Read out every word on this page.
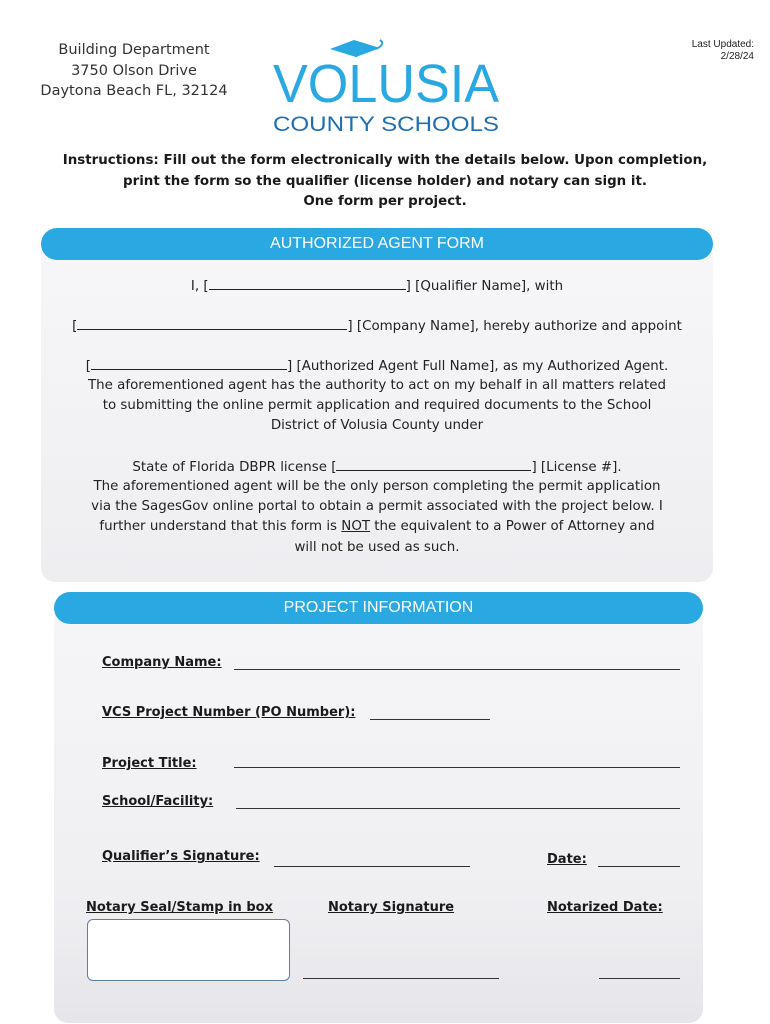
Building Department
3750 Olson Drive
Daytona Beach FL, 32124
Last Updated:
2/28/24
VOLUSIA
COUNTY SCHOOLS
Instructions: Fill out the form electronically with the details below. Upon completion,
print the form so the qualifier (license holder) and notary can sign it.
One form per project.
AUTHORIZED AGENT FORM
I, [	] [Qualifier Name], with
[	] [Company Name], hereby authorize and appoint
[	] [Authorized Agent Full Name], as my Authorized Agent.
The aforementioned agent has the authority to act on my behalf in all matters related
to submitting the online permit application and required documents to the School
District of Volusia County under
State of Florida DBPR license [	] [License #].
The aforementioned agent will be the only person completing the permit application
via the SagesGov online portal to obtain a permit associated with the project below. I
further understand that this form is NOT the equivalent to a Power of Attorney and
will not be used as such.
PROJECT INFORMATION
Company Name:
VCS Project Number (PO Number):
Project Title:
School/Facility:
Qualifier’s Signature:	Date:
Notary Seal/Stamp in box	Notary Signature	Notarized Date:
